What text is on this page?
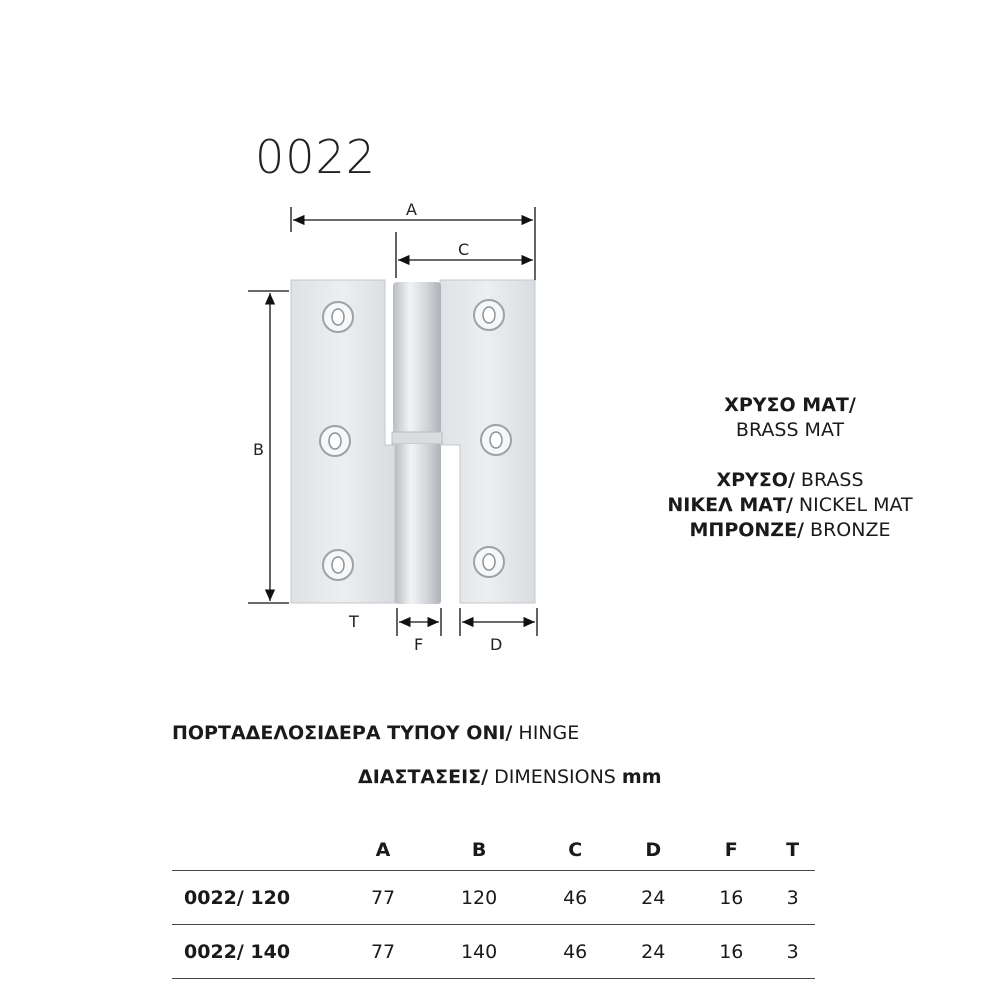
0022
A
C
B
T
F	D
ΧΡΥΣΟ ΜΑΤ/
BRASS MAT
ΧΡΥΣΟ/ BRASS
ΝΙΚΕΛ ΜΑΤ/ NICKEL MAT
ΜΠΡΟΝΖΕ/ BRONZE
ΠΟΡΤΑΔΕΛΟΣΙΔΕΡΑ ΤΥΠΟΥ ΟΝΙ/ HINGE
ΔΙΑΣΤΑΣΕΙΣ/ DIMENSIONS mm
	A	B	C	D	F	T
0022/ 120	77	120	46	24	16	3
0022/ 140	77	140	46	24	16	3
